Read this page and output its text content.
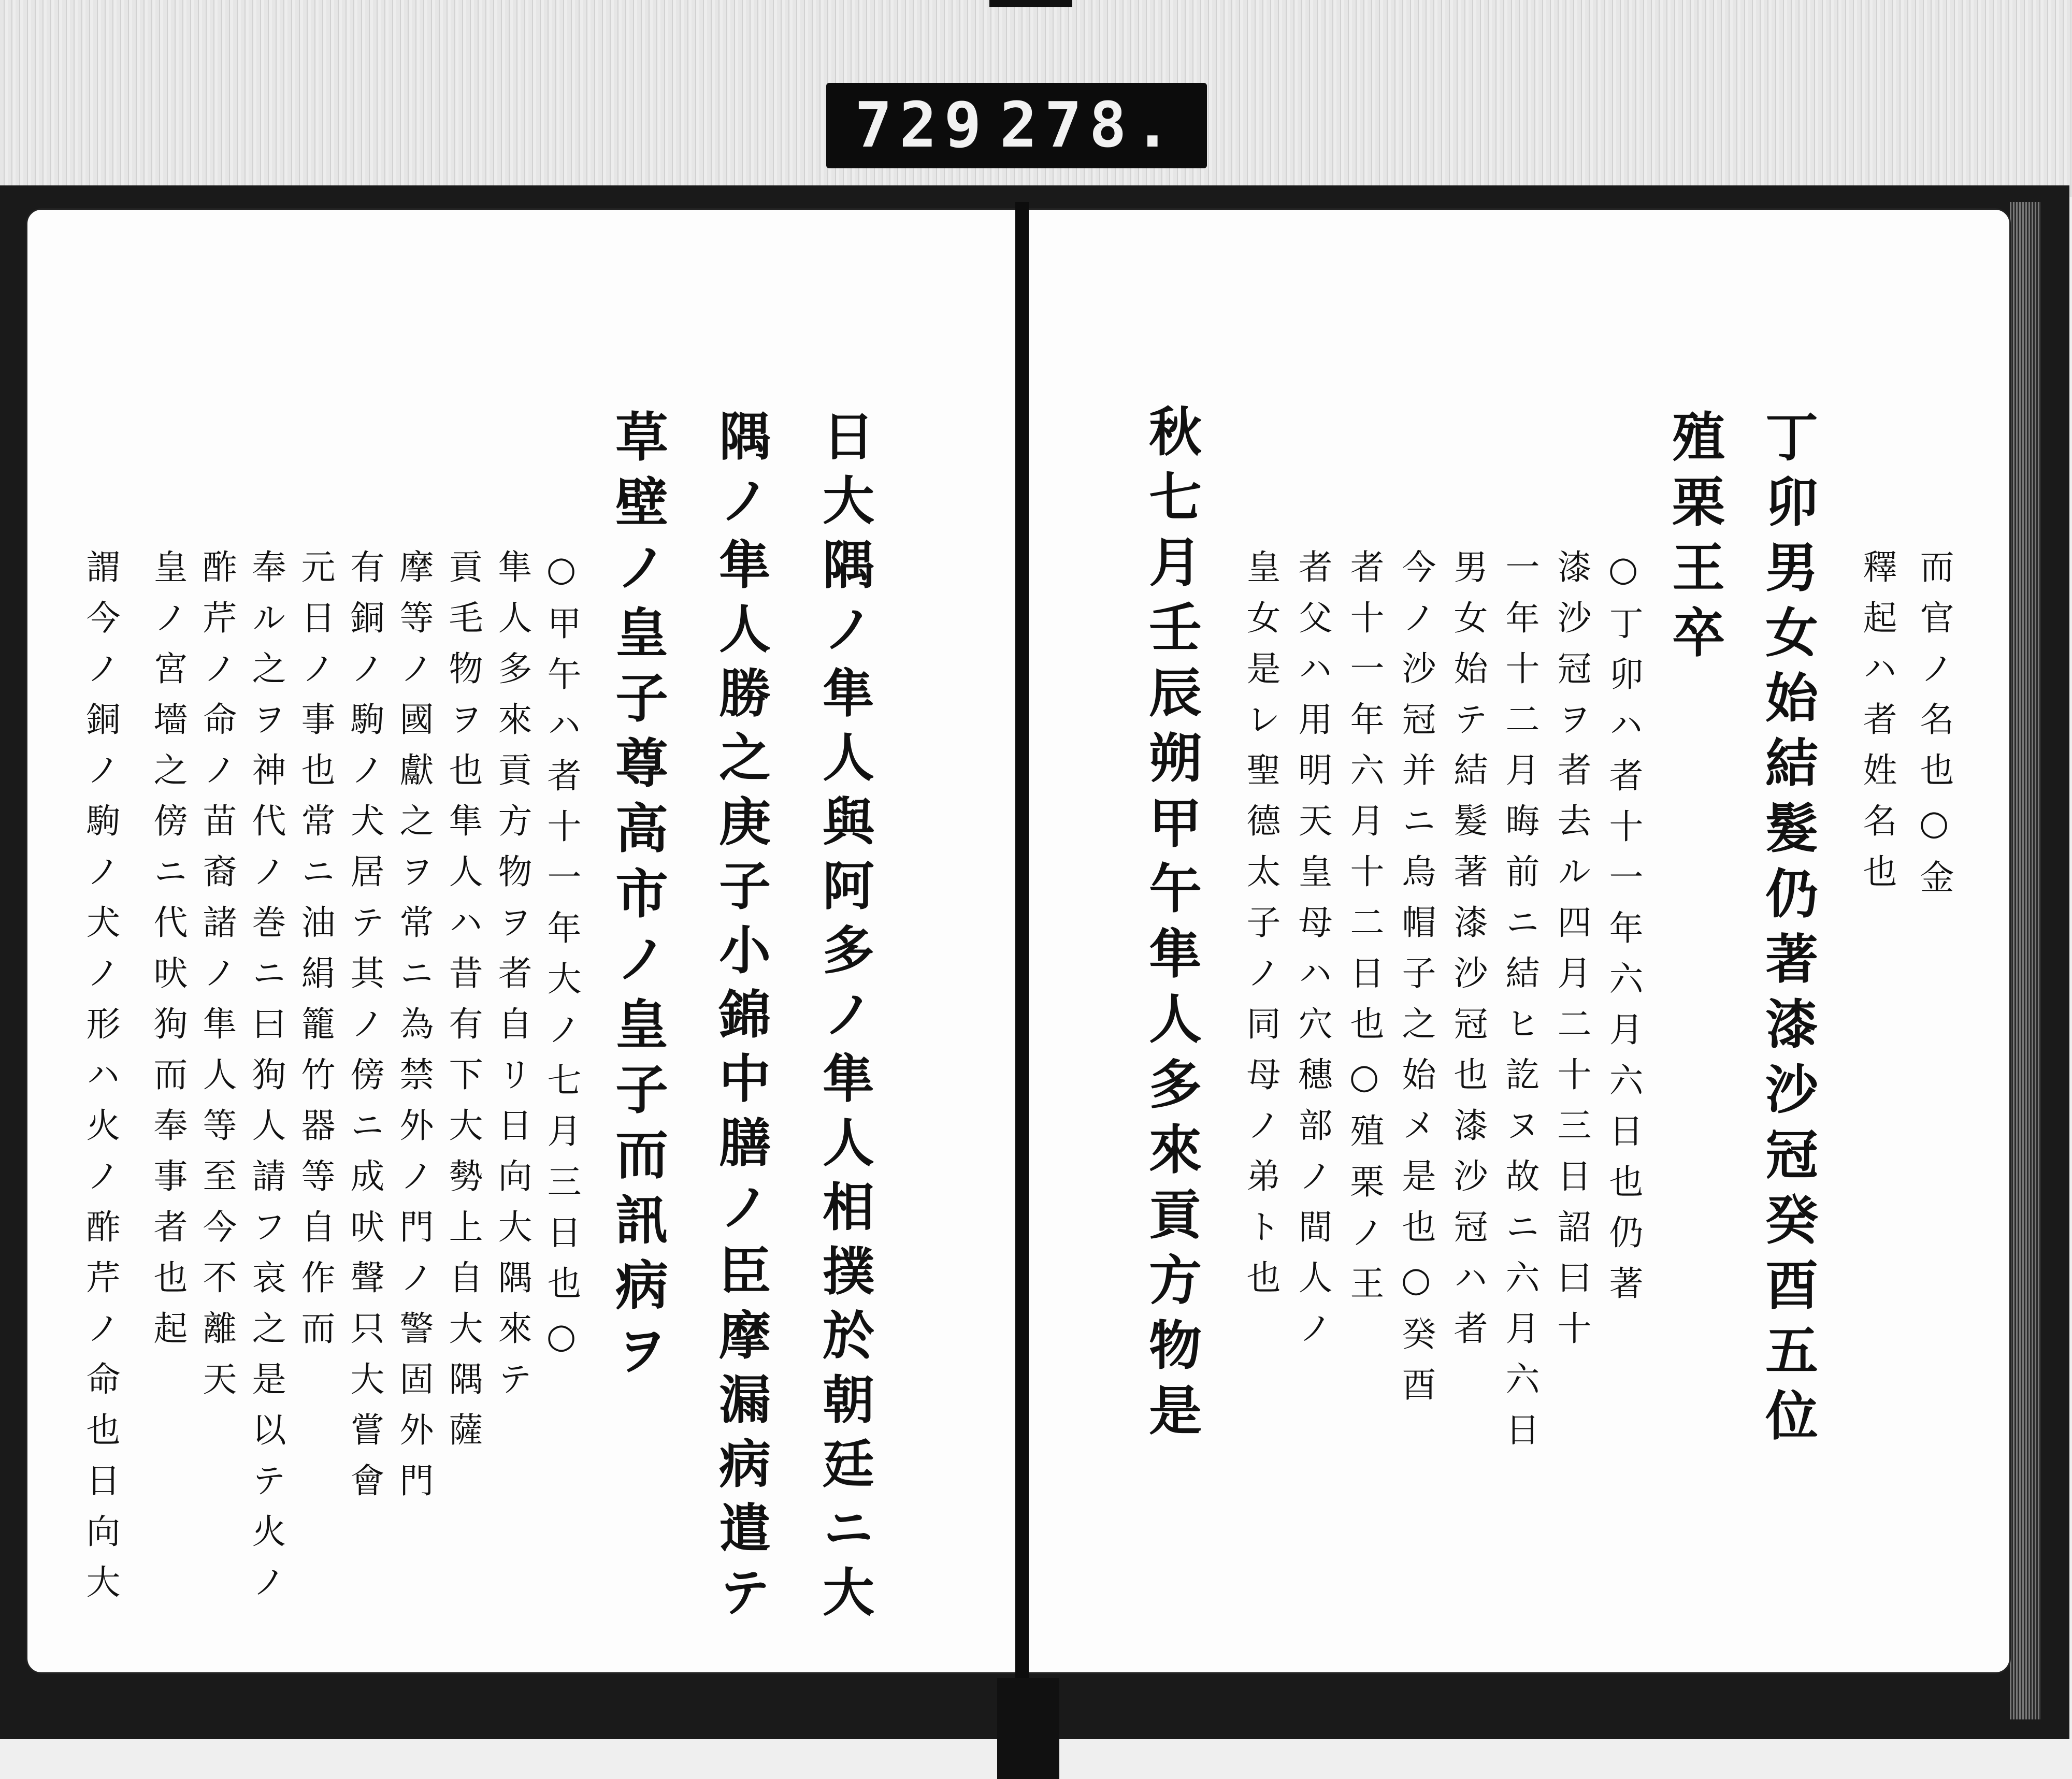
729 278.
而官ノ名也○金
釋起ハ者姓名也
丁卯男女始結髮仍著漆沙冠癸酉五位
殖栗王卒
○丁卯ハ者十一年六月六日也仍著
漆沙冠ヲ者去ル四月二十三日詔曰十
一年十二月晦前ニ結ヒ訖ヌ故ニ六月六日
男女始テ結髮著漆沙冠也漆沙冠ハ者
今ノ沙冠并ニ烏帽子之始メ是也○癸酉
者十一年六月十二日也○殖栗ノ王
者父ハ用明天皇母ハ穴穗部ノ間人ノ
皇女是レ聖德太子ノ同母ノ弟ト也
秋七月壬辰朔甲午隼人多來貢方物是
日大隅ノ隼人與阿多ノ隼人相撲於朝廷ニ大
隅ノ隼人勝之庚子小錦中膳ノ臣摩漏病遣テ
草壁ノ皇子尊高市ノ皇子而訊病ヲ
○甲午ハ者十一年大ノ七月三日也○
隼人多來貢方物ヲ者自リ日向大隅來テ
貢毛物ヲ也隼人ハ昔有下大勢上自大隅薩
摩等ノ國獻之ヲ常ニ為禁外ノ門ノ警固外門
有銅ノ駒ノ犬居テ其ノ傍ニ成吠聲只大嘗會
元日ノ事也常ニ油絹籠竹器等自作而
奉ル之ヲ神代ノ巻ニ曰狗人請フ哀之是以テ火ノ
酢芹ノ命ノ苗裔諸ノ隼人等至今不離天
皇ノ宮墻之傍ニ代吠狗而奉事者也起
謂今ノ銅ノ駒ノ犬ノ形ハ火ノ酢芹ノ命也日向大
